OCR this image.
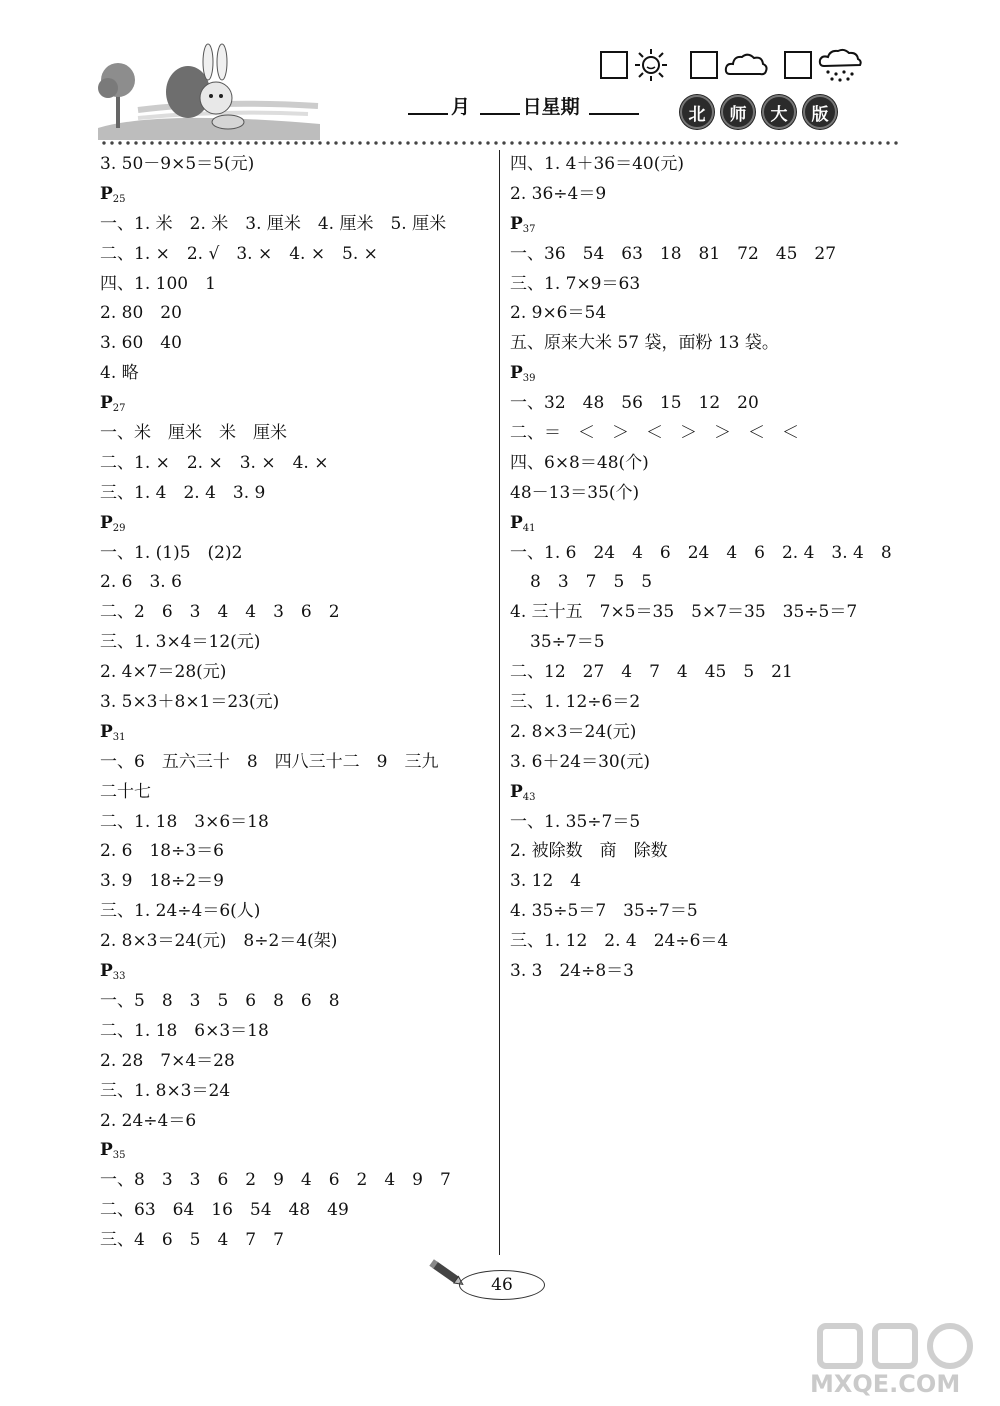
月	日星期	北	师	大	版
3. 50－9×5＝5(元)
$P_{25}$
一、1. 米　2. 米　3. 厘米　4. 厘米　5. 厘米
二、1. ×　2. √　3. ×　4. ×　5. ×
四、1. 100　1
2. 80　20
3. 60　40
4. 略
$P_{27}$
一、米　厘米　米　厘米
二、1. ×　2. ×　3. ×　4. ×
三、1. 4　2. 4　3. 9
$P_{29}$
一、1. (1)5　(2)2
2. 6　3. 6
二、2　6　3　4　4　3　6　2
三、1. 3×4＝12(元)
2. 4×7＝28(元)
3. 5×3＋8×1＝23(元)
$P_{31}$
一、6　五六三十　8　四八三十二　9　三九
二十七
二、1. 18　3×6＝18
2. 6　18÷3＝6
3. 9　18÷2＝9
三、1. 24÷4＝6(人)
2. 8×3＝24(元)　8÷2＝4(架)
$P_{33}$
一、5　8　3　5　6　8　6　8
二、1. 18　6×3＝18
2. 28　7×4＝28
三、1. 8×3＝24
2. 24÷4＝6
$P_{35}$
一、8　3　3　6　2　9　4　6　2　4　9　7
二、63　64　16　54　48　49
三、4　6　5　4　7　7
四、1. 4＋36＝40(元)
2. 36÷4＝9
$P_{37}$
一、36　54　63　18　81　72　45　27
三、1. 7×9＝63
2. 9×6＝54
五、原来大米 57 袋，面粉 13 袋。
$P_{39}$
一、32　48　56　15　12　20
二、＝　＜　＞　＜　＞　＞　＜　＜
四、6×8＝48(个)
48－13＝35(个)
$P_{41}$
一、1. 6　24　4　6　24　4　6　2. 4　3. 4　8
8　3　7　5　5
4. 三十五　7×5＝35　5×7＝35　35÷5＝7
35÷7＝5
二、12　27　4　7　4　45　5　21
三、1. 12÷6＝2
2. 8×3＝24(元)
3. 6＋24＝30(元)
$P_{43}$
一、1. 35÷7＝5
2. 被除数　商　除数
3. 12　4
4. 35÷5＝7　35÷7＝5
三、1. 12　2. 4　24÷6＝4
3. 3　24÷8＝3
46
MXQE.COM
